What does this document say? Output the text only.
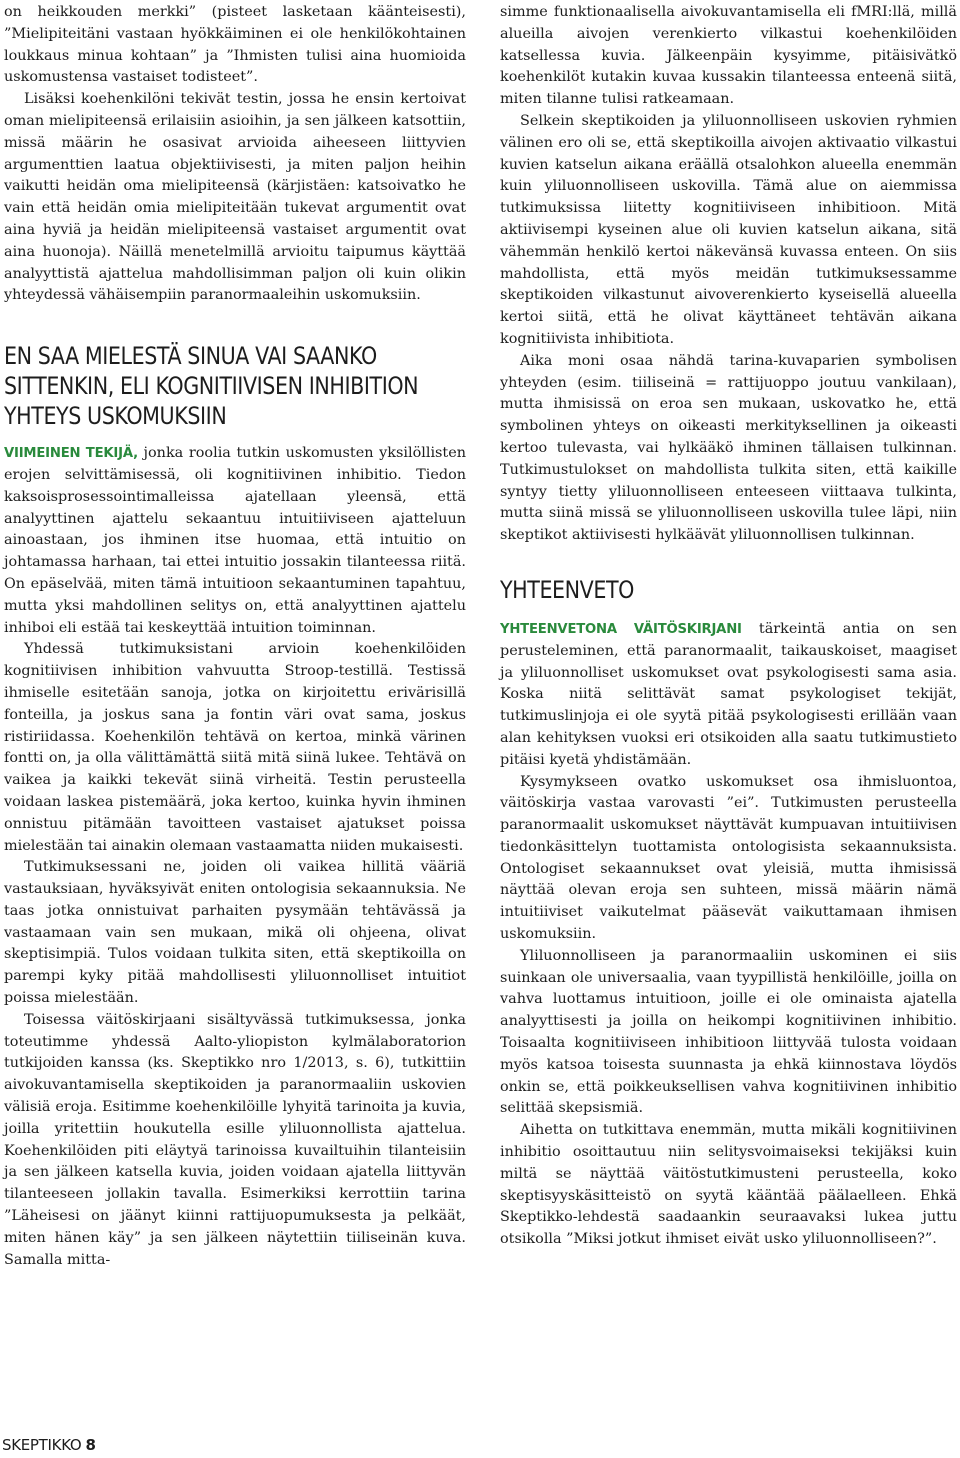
on heikkouden merkki” (pisteet lasketaan käänteisesti), ”Mielipiteitäni vastaan hyökkäiminen ei ole henkilökohtainen loukkaus minua kohtaan” ja ”Ihmisten tulisi aina huomioida uskomustensa vastaiset todisteet”.

Lisäksi koehenkilöni tekivät testin, jossa he ensin kertoivat oman mielipiteensä erilaisiin asioihin, ja sen jälkeen katsottiin, missä määrin he osasivat arvioida aiheeseen liittyvien argumenttien laatua objektiivisesti, ja miten paljon heihin vaikutti heidän oma mielipiteensä (kärjistäen: katsoivatko he vain että heidän omia mielipiteitään tukevat argumentit ovat aina hyviä ja heidän mielipiteensä vastaiset argumentit ovat aina huonoja). Näillä menetelmillä arvioitu taipumus käyttää analyyttistä ajattelua mahdollisimman paljon oli kuin olikin yhteydessä vähäisempiin paranormaaleihin uskomuksiin.

EN SAA MIELESTÄ SINUA VAI SAANKO SITTENKIN, ELI KOGNITIIVISEN INHIBITION YHTEYS USKOMUKSIIN

VIIMEINEN TEKIJÄ, jonka roolia tutkin uskomusten yksilöllisten erojen selvittämisessä, oli kognitiivinen inhibitio. Tiedon kaksoisprosessointimalleissa ajatellaan yleensä, että analyyttinen ajattelu sekaantuu intuitiiviseen ajatteluun ainoastaan, jos ihminen itse huomaa, että intuitio on johtamassa harhaan, tai ettei intuitio jossakin tilanteessa riitä. On epäselvää, miten tämä intuitioon sekaantuminen tapahtuu, mutta yksi mahdollinen selitys on, että analyyttinen ajattelu inhiboi eli estää tai keskeyttää intuition toiminnan.

Yhdessä tutkimuksistani arvioin koehenkilöiden kognitiivisen inhibition vahvuutta Stroop-testillä. Testissä ihmiselle esitetään sanoja, jotka on kirjoitettu erivärisillä fonteilla, ja joskus sana ja fontin väri ovat sama, joskus ristiriidassa. Koehenkilön tehtävä on kertoa, minkä värinen fontti on, ja olla välittämättä siitä mitä siinä lukee. Tehtävä on vaikea ja kaikki tekevät siinä virheitä. Testin perusteella voidaan laskea pistemäärä, joka kertoo, kuinka hyvin ihminen onnistuu pitämään tavoitteen vastaiset ajatukset poissa mielestään tai ainakin olemaan vastaamatta niiden mukaisesti.

Tutkimuksessani ne, joiden oli vaikea hillitä vääriä vastauksiaan, hyväksyivät eniten ontologisia sekaannuksia. Ne taas jotka onnistuivat parhaiten pysymään tehtävässä ja vastaamaan vain sen mukaan, mikä oli ohjeena, olivat skeptisimpiä. Tulos voidaan tulkita siten, että skeptikoilla on parempi kyky pitää mahdollisesti yliluonnolliset intuitiot poissa mielestään.

Toisessa väitöskirjaani sisältyvässä tutkimuksessa, jonka toteutimme yhdessä Aalto-yliopiston kylmälaboratorion tutkijoiden kanssa (ks. Skeptikko nro 1/2013, s. 6), tutkittiin aivokuvantamisella skeptikoiden ja paranormaaliin uskovien välisiä eroja. Esitimme koehenkilöille lyhyitä tarinoita ja kuvia, joilla yritettiin houkutella esille yliluonnollista ajattelua. Koehenkilöiden piti eläytyä tarinoissa kuvailtuihin tilanteisiin ja sen jälkeen katsella kuvia, joiden voidaan ajatella liittyvän tilanteeseen jollakin tavalla. Esimerkiksi kerrottiin tarina ”Läheisesi on jäänyt kiinni rattijuopumuksesta ja pelkäät, miten hänen käy” ja sen jälkeen näytettiin tiiliseinän kuva. Samalla mitta-

simme funktionaalisella aivokuvantamisella eli fMRI:llä, millä alueilla aivojen verenkierto vilkastui koehenkilöiden katsellessa kuvia. Jälkeenpäin kysyimme, pitäisivätkö koehenkilöt kutakin kuvaa kussakin tilanteessa enteenä siitä, miten tilanne tulisi ratkeamaan.

Selkein skeptikoiden ja yliluonnolliseen uskovien ryhmien välinen ero oli se, että skeptikoilla aivojen aktivaatio vilkastui kuvien katselun aikana eräällä otsalohkon alueella enemmän kuin yliluonnolliseen uskovilla. Tämä alue on aiemmissa tutkimuksissa liitetty kognitiiviseen inhibitioon. Mitä aktiivisempi kyseinen alue oli kuvien katselun aikana, sitä vähemmän henkilö kertoi näkevänsä kuvassa enteen. On siis mahdollista, että myös meidän tutkimuksessamme skeptikoiden vilkastunut aivoverenkierto kyseisellä alueella kertoi siitä, että he olivat käyttäneet tehtävän aikana kognitiivista inhibitiota.

Aika moni osaa nähdä tarina-kuvaparien symbolisen yhteyden (esim. tiiliseinä = rattijuoppo joutuu vankilaan), mutta ihmisissä on eroa sen mukaan, uskovatko he, että symbolinen yhteys on oikeasti merkityksellinen ja oikeasti kertoo tulevasta, vai hylkääkö ihminen tällaisen tulkinnan. Tutkimustulokset on mahdollista tulkita siten, että kaikille syntyy tietty yliluonnolliseen enteeseen viittaava tulkinta, mutta siinä missä se yliluonnolliseen uskovilla tulee läpi, niin skeptikot aktiivisesti hylkäävät yliluonnollisen tulkinnan.

YHTEENVETO

YHTEENVETONA VÄITÖSKIRJANI tärkeintä antia on sen perusteleminen, että paranormaalit, taikauskoiset, maagiset ja yliluonnolliset uskomukset ovat psykologisesti sama asia. Koska niitä selittävät samat psykologiset tekijät, tutkimuslinjoja ei ole syytä pitää psykologisesti erillään vaan alan kehityksen vuoksi eri otsikoiden alla saatu tutkimustieto pitäisi kyetä yhdistämään.

Kysymykseen ovatko uskomukset osa ihmisluontoa, väitöskirja vastaa varovasti ”ei”. Tutkimusten perusteella paranormaalit uskomukset näyttävät kumpuavan intuitiivisen tiedonkäsittelyn tuottamista ontologisista sekaannuksista. Ontologiset sekaannukset ovat yleisiä, mutta ihmisissä näyttää olevan eroja sen suhteen, missä määrin nämä intuitiiviset vaikutelmat pääsevät vaikuttamaan ihmisen uskomuksiin.

Yliluonnolliseen ja paranormaaliin uskominen ei siis suinkaan ole universaalia, vaan tyypillistä henkilöille, joilla on vahva luottamus intuitioon, joille ei ole ominaista ajatella analyyttisesti ja joilla on heikompi kognitiivinen inhibitio. Toisaalta kognitiiviseen inhibitioon liittyvää tulosta voidaan myös katsoa toisesta suunnasta ja ehkä kiinnostava löydös onkin se, että poikkeuksellisen vahva kognitiivinen inhibitio selittää skepsismiä.

Aihetta on tutkittava enemmän, mutta mikäli kognitiivinen inhibitio osoittautuu niin selitysvoimaiseksi tekijäksi kuin miltä se näyttää väitöstutkimusteni perusteella, koko skeptisyyskäsitteistö on syytä kääntää päälaelleen. Ehkä Skeptikko-lehdestä saadaankin seuraavaksi lukea juttu otsikolla ”Miksi jotkut ihmiset eivät usko yliluonnolliseen?”.

SKEPTIKKO 8
